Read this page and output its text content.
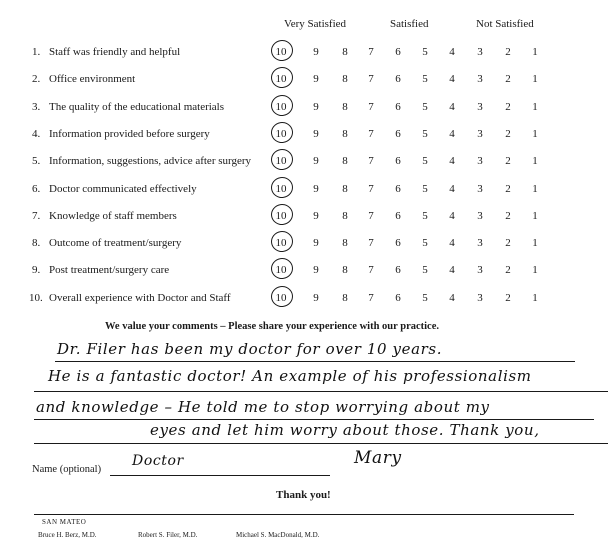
Very Satisfied	Satisfied	Not Satisfied
1. Staff was friendly and helpful	10	9	8	7	6	5	4	3	2	1
2. Office environment	10	9	8	7	6	5	4	3	2	1
3. The quality of the educational materials	10	9	8	7	6	5	4	3	2	1
4. Information provided before surgery	10	9	8	7	6	5	4	3	2	1
5. Information, suggestions, advice after surgery 10	9	8	7	6	5	4	3	2	1
6. Doctor communicated effectively	10	9	8	7	6	5	4	3	2	1
7. Knowledge of staff members	10	9	8	7	6	5	4	3	2	1
8. Outcome of treatment/surgery	10	9	8	7	6	5	4	3	2	1
9. Post treatment/surgery care	10	9	8	7	6	5	4	3	2	1
10. Overall experience with Doctor and Staff	10	9	8	7	6	5	4	3	2	1
We value your comments – Please share your experience with our practice.
Dr. Filer has been my doctor for over 10 years.
He is a fantastic doctor! An example of his professionalism
and knowledge – He told me to stop worrying about my
eyes and let him worry about those. Thank you,
Name (optional)
Doctor	Mary
Thank you!
SAN MATEO
Bruce H. Berz, M.D.	Robert S. Filer, M.D.	Michael S. MacDonald, M.D.
